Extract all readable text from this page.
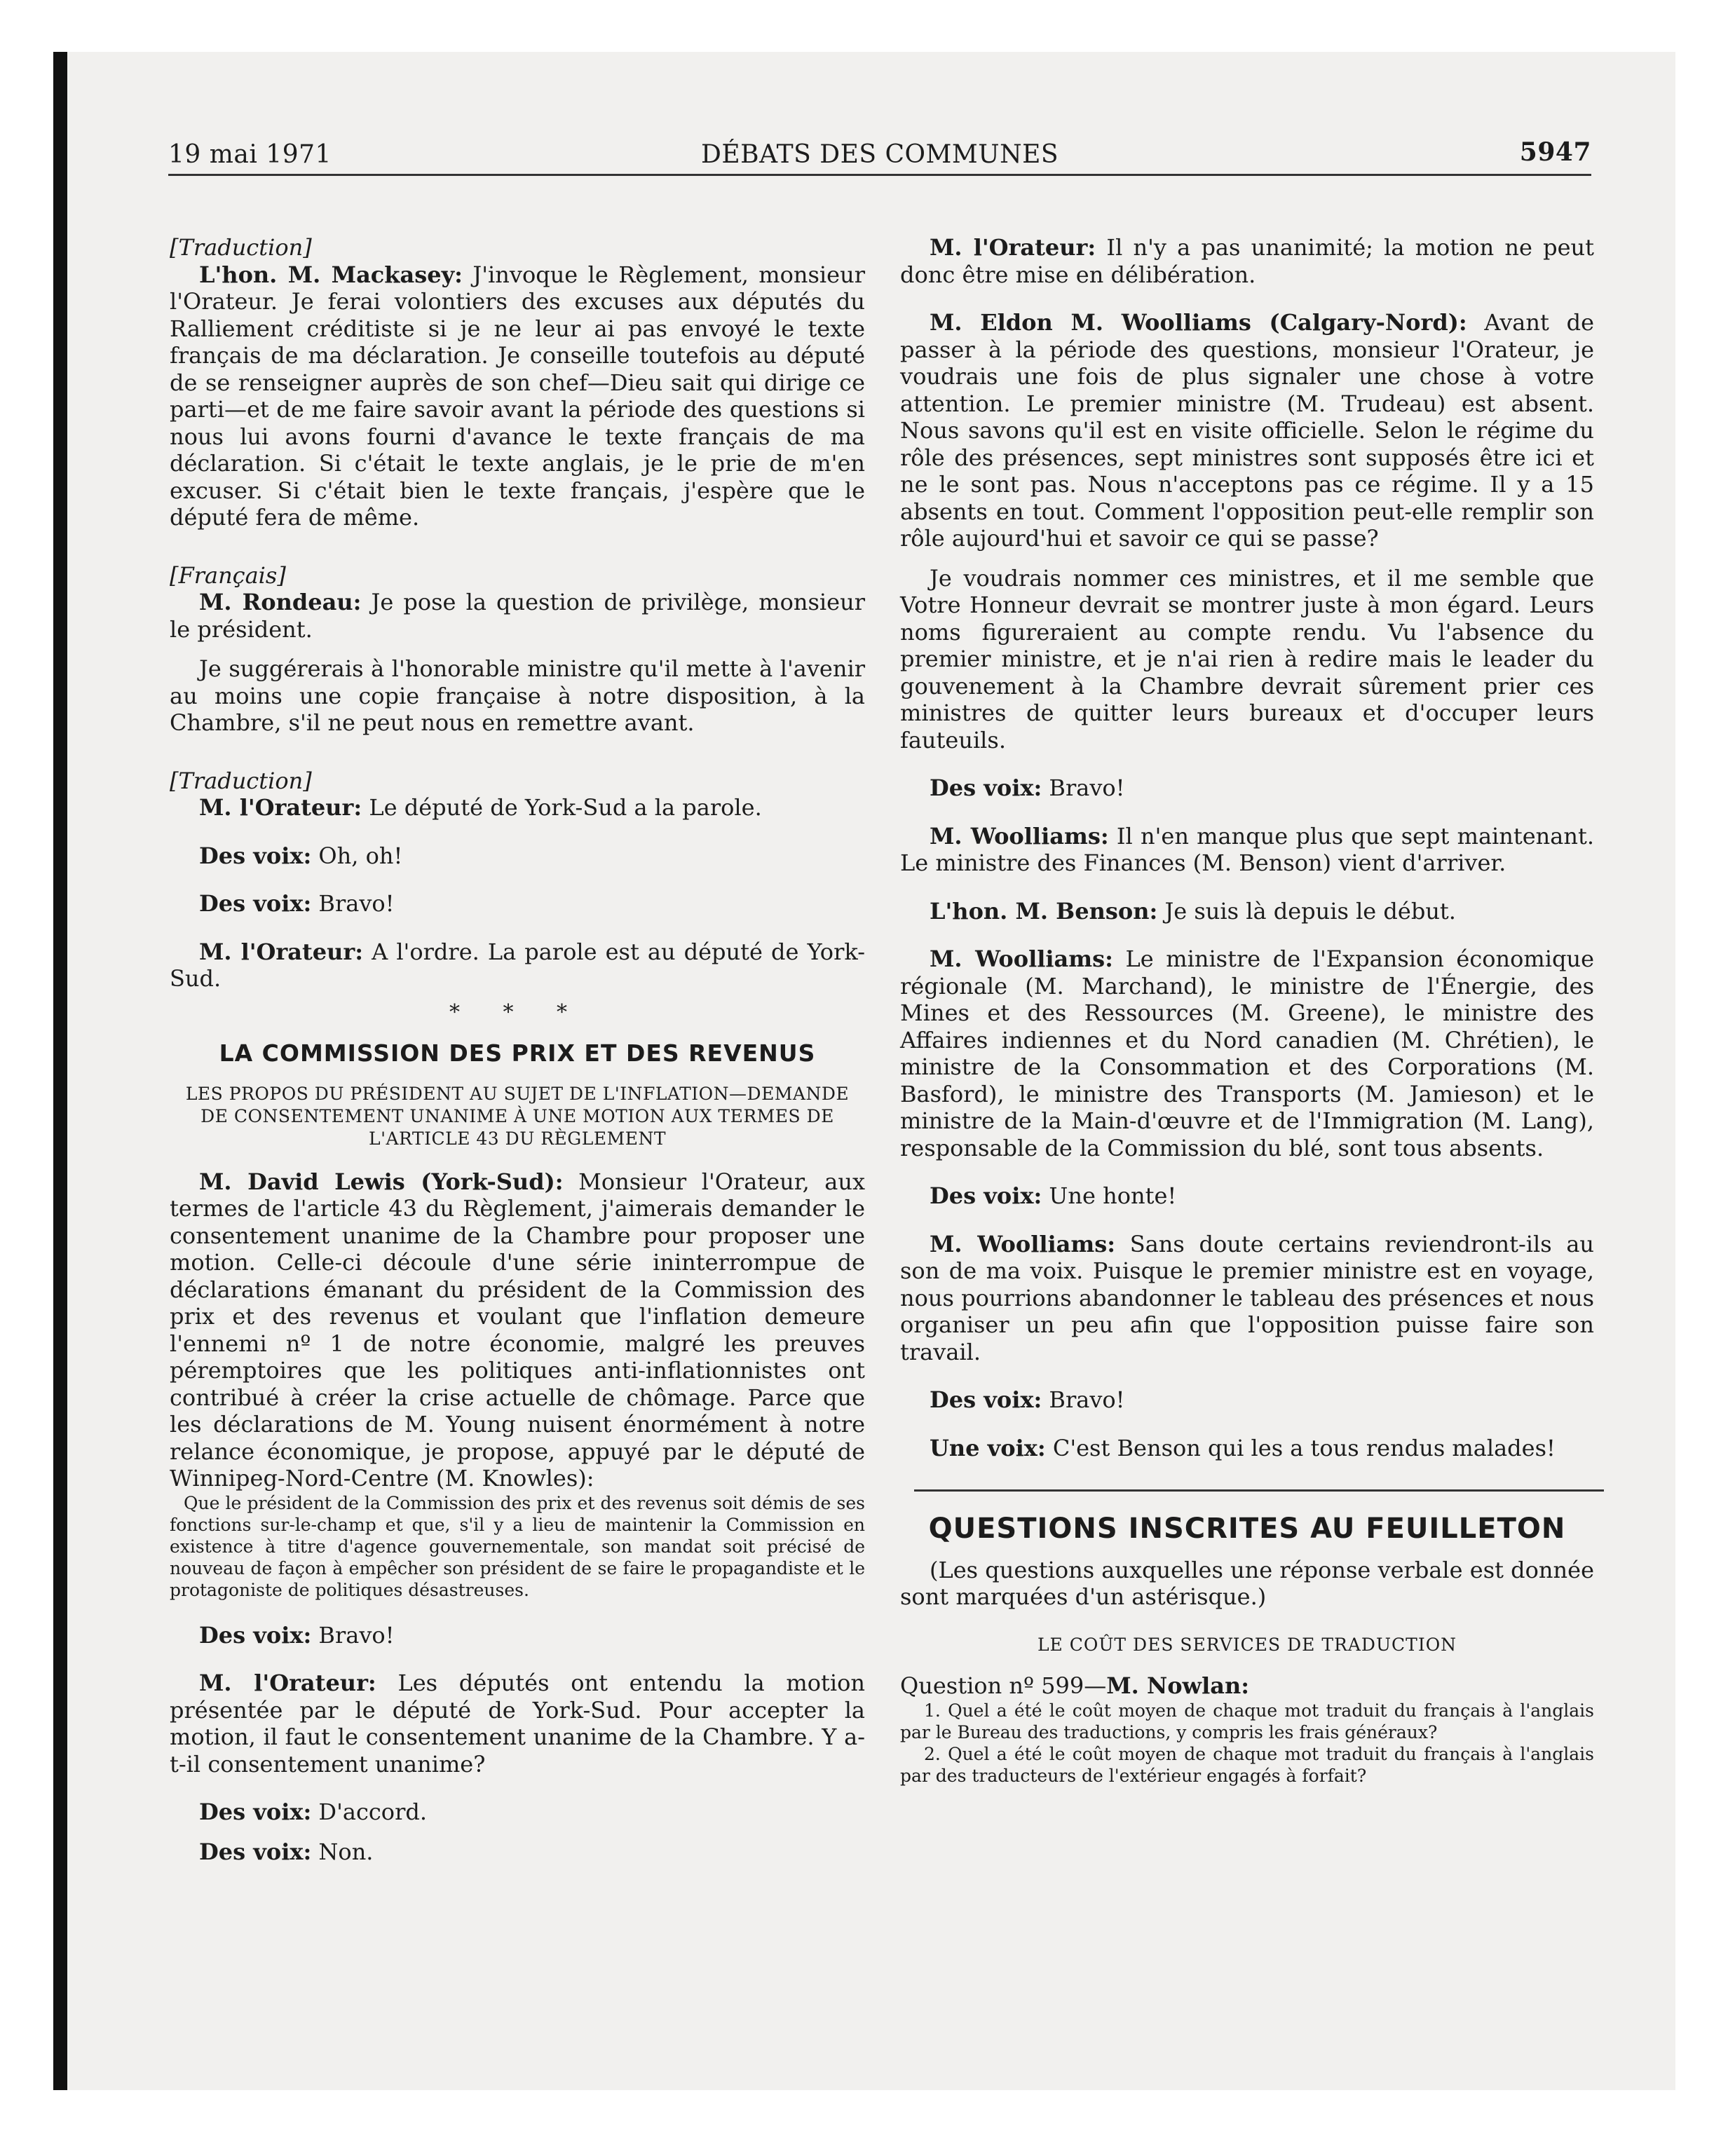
19 mai 1971	DÉBATS DES COMMUNES	5947

[Traduction]

L'hon. M. Mackasey: J'invoque le Règlement, monsieur l'Orateur. Je ferai volontiers des excuses aux députés du Ralliement créditiste si je ne leur ai pas envoyé le texte français de ma déclaration. Je conseille toutefois au député de se renseigner auprès de son chef—Dieu sait qui dirige ce parti—et de me faire savoir avant la période des questions si nous lui avons fourni d'avance le texte français de ma déclaration. Si c'était le texte anglais, je le prie de m'en excuser. Si c'était bien le texte français, j'espère que le député fera de même.

[Français]

M. Rondeau: Je pose la question de privilège, monsieur le président.

Je suggérerais à l'honorable ministre qu'il mette à l'avenir au moins une copie française à notre disposition, à la Chambre, s'il ne peut nous en remettre avant.

[Traduction]

M. l'Orateur: Le député de York-Sud a la parole.

Des voix: Oh, oh!

Des voix: Bravo!

M. l'Orateur: A l'ordre. La parole est au député de York-Sud.

* * *
LA COMMISSION DES PRIX ET DES REVENUS
LES PROPOS DU PRÉSIDENT AU SUJET DE L'INFLATION—DEMANDE DE CONSENTEMENT UNANIME À UNE MOTION AUX TERMES DE L'ARTICLE 43 DU RÈGLEMENT

M. David Lewis (York-Sud): Monsieur l'Orateur, aux termes de l'article 43 du Règlement, j'aimerais demander le consentement unanime de la Chambre pour proposer une motion. Celle-ci découle d'une série ininterrompue de déclarations émanant du président de la Commission des prix et des revenus et voulant que l'inflation demeure l'ennemi nº 1 de notre économie, malgré les preuves péremptoires que les politiques anti-inflationnistes ont contribué à créer la crise actuelle de chômage. Parce que les déclarations de M. Young nuisent énormément à notre relance économique, je propose, appuyé par le député de Winnipeg-Nord-Centre (M. Knowles):

Que le président de la Commission des prix et des revenus soit démis de ses fonctions sur-le-champ et que, s'il y a lieu de maintenir la Commission en existence à titre d'agence gouvernementale, son mandat soit précisé de nouveau de façon à empêcher son président de se faire le propagandiste et le protagoniste de politiques désastreuses.

Des voix: Bravo!

M. l'Orateur: Les députés ont entendu la motion présentée par le député de York-Sud. Pour accepter la motion, il faut le consentement unanime de la Chambre. Y a-t-il consentement unanime?

Des voix: D'accord.

Des voix: Non.

M. l'Orateur: Il n'y a pas unanimité; la motion ne peut donc être mise en délibération.

M. Eldon M. Woolliams (Calgary-Nord): Avant de passer à la période des questions, monsieur l'Orateur, je voudrais une fois de plus signaler une chose à votre attention. Le premier ministre (M. Trudeau) est absent. Nous savons qu'il est en visite officielle. Selon le régime du rôle des présences, sept ministres sont supposés être ici et ne le sont pas. Nous n'acceptons pas ce régime. Il y a 15 absents en tout. Comment l'opposition peut-elle remplir son rôle aujourd'hui et savoir ce qui se passe?

Je voudrais nommer ces ministres, et il me semble que Votre Honneur devrait se montrer juste à mon égard. Leurs noms figureraient au compte rendu. Vu l'absence du premier ministre, et je n'ai rien à redire mais le leader du gouvenement à la Chambre devrait sûrement prier ces ministres de quitter leurs bureaux et d'occuper leurs fauteuils.

Des voix: Bravo!

M. Woolliams: Il n'en manque plus que sept maintenant. Le ministre des Finances (M. Benson) vient d'arriver.

L'hon. M. Benson: Je suis là depuis le début.

M. Woolliams: Le ministre de l'Expansion économique régionale (M. Marchand), le ministre de l'Énergie, des Mines et des Ressources (M. Greene), le ministre des Affaires indiennes et du Nord canadien (M. Chrétien), le ministre de la Consommation et des Corporations (M. Basford), le ministre des Transports (M. Jamieson) et le ministre de la Main-d'œuvre et de l'Immigration (M. Lang), responsable de la Commission du blé, sont tous absents.

Des voix: Une honte!

M. Woolliams: Sans doute certains reviendront-ils au son de ma voix. Puisque le premier ministre est en voyage, nous pourrions abandonner le tableau des présences et nous organiser un peu afin que l'opposition puisse faire son travail.

Des voix: Bravo!

Une voix: C'est Benson qui les a tous rendus malades!

QUESTIONS INSCRITES AU FEUILLETON

(Les questions auxquelles une réponse verbale est donnée sont marquées d'un astérisque.)

LE COÛT DES SERVICES DE TRADUCTION

Question nº 599—M. Nowlan:

1. Quel a été le coût moyen de chaque mot traduit du français à l'anglais par le Bureau des traductions, y compris les frais généraux?

2. Quel a été le coût moyen de chaque mot traduit du français à l'anglais par des traducteurs de l'extérieur engagés à forfait?
